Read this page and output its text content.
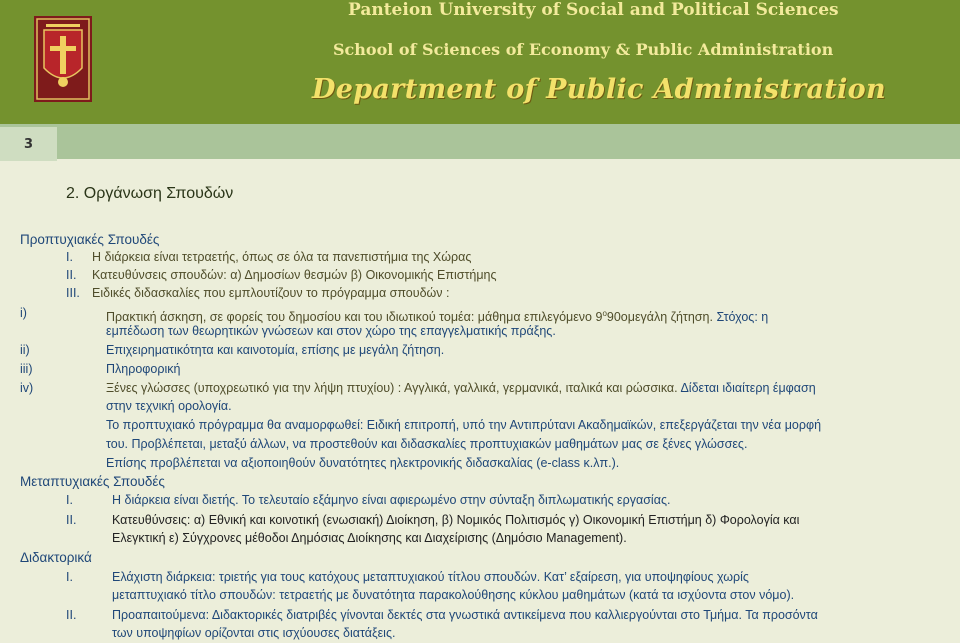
Panteion University of Social and Political Sciences
School of Sciences of Economy & Public Administration
Department of Public Administration
3
2. Οργάνωση Σπουδών
Προπτυχιακές Σπουδές
I. Η διάρκεια είναι τετραετής, όπως σε όλα τα πανεπιστήμια της Χώρας
II. Κατευθύνσεις σπουδών: α) Δημοσίων θεσμών β) Οικονομικής Επιστήμης
III. Ειδικές διδασκαλίες που εμπλουτίζουν το πρόγραμμα σπουδών :
i)	Πρακτική άσκηση, σε φορείς του δημοσίου και του ιδιωτικού τομέα: μάθημα επιλεγόμενο $9^o90o\mu\varepsilon\gamma ά\lambda\eta$ ζήτηση. Στόχος: η
εμπέδωση των θεωρητικών γνώσεων και στον χώρο της επαγγελματικής πράξης.
ii)	Επιχειρηματικότητα και καινοτομία, επίσης με μεγάλη ζήτηση.
iii)	Πληροφορική
iv)	Ξένες γλώσσες (υποχρεωτικό για την λήψη πτυχίου) : Αγγλικά, γαλλικά, γερμανικά, ιταλικά και ρώσσικα. Δίδεται ιδιαίτερη έμφαση
στην τεχνική ορολογία.
Το προπτυχιακό πρόγραμμα θα αναμορφωθεί: Ειδική επιτροπή, υπό την Αντιπρύτανι Ακαδημαϊκών, επεξεργάζεται την νέα μορφή
του. Προβλέπεται, μεταξύ άλλων, να προστεθούν και διδασκαλίες προπτυχιακών μαθημάτων μας σε ξένες γλώσσες.
Επίσης προβλέπεται να αξιοποιηθούν δυνατότητες ηλεκτρονικής διδασκαλίας (e-class κ.λπ.).
Μεταπτυχιακές Σπουδές
I.	Η διάρκεια είναι διετής. Το τελευταίο εξάμηνο είναι αφιερωμένο στην σύνταξη διπλωματικής εργασίας.
II.	Κατευθύνσεις: α) Εθνική και κοινοτική (ενωσιακή) Διοίκηση, β) Νομικός Πολιτισμός γ) Οικονομική Επιστήμη δ) Φορολογία και
Ελεγκτική ε) Σύγχρονες μέθοδοι Δημόσιας Διοίκησης και Διαχείρισης (Δημόσιο Management).
Διδακτορικά
I.	Ελάχιστη διάρκεια: τριετής για τους κατόχους μεταπτυχιακού τίτλου σπουδών. Κατ’ εξαίρεση, για υποψηφίους χωρίς
μεταπτυχιακό τίτλο σπουδών: τετραετής με δυνατότητα παρακολούθησης κύκλου μαθημάτων (κατά τα ισχύοντα στον νόμο).
II.	Προαπαιτούμενα: Διδακτορικές διατριβές γίνονται δεκτές στα γνωστικά αντικείμενα που καλλιεργούνται στο Τμήμα. Τα προσόντα
των υποψηφίων ορίζονται στις ισχύουσες διατάξεις.
